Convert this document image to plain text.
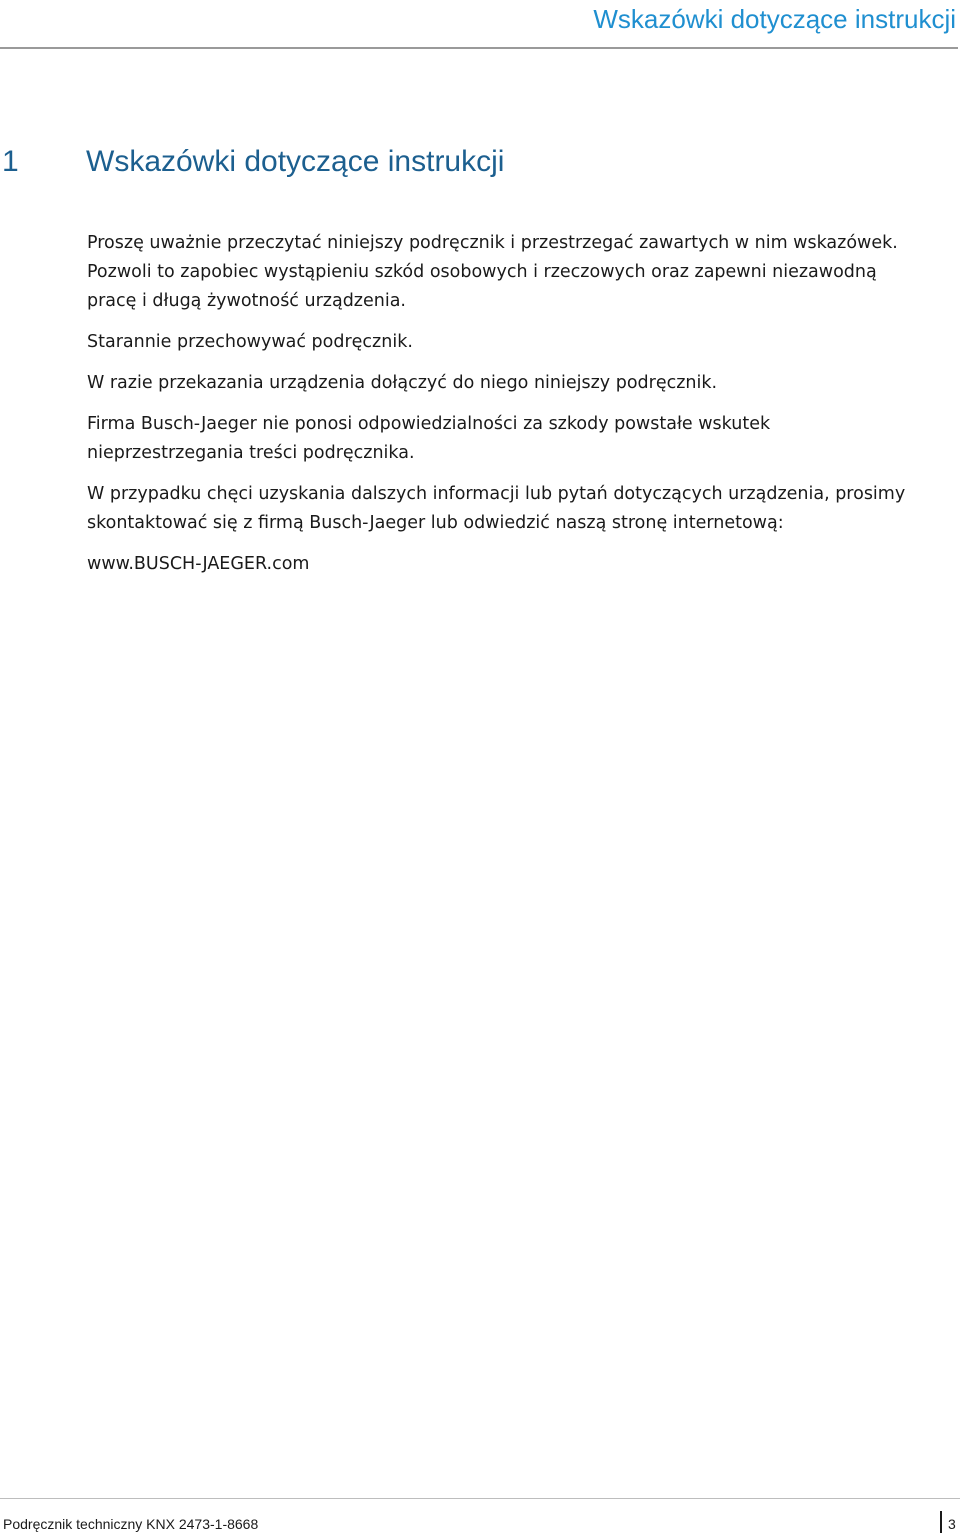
Wskazówki dotyczące instrukcji
1 Wskazówki dotyczące instrukcji

Proszę uważnie przeczytać niniejszy podręcznik i przestrzegać zawartych w nim wskazówek.
Pozwoli to zapobiec wystąpieniu szkód osobowych i rzeczowych oraz zapewni niezawodną
pracę i długą żywotność urządzenia.

Starannie przechowywać podręcznik.

W razie przekazania urządzenia dołączyć do niego niniejszy podręcznik.

Firma Busch-Jaeger nie ponosi odpowiedzialności za szkody powstałe wskutek
nieprzestrzegania treści podręcznika.

W przypadku chęci uzyskania dalszych informacji lub pytań dotyczących urządzenia, prosimy
skontaktować się z firmą Busch-Jaeger lub odwiedzić naszą stronę internetową:

www.BUSCH-JAEGER.com

Podręcznik techniczny KNX 2473-1-8668	3
